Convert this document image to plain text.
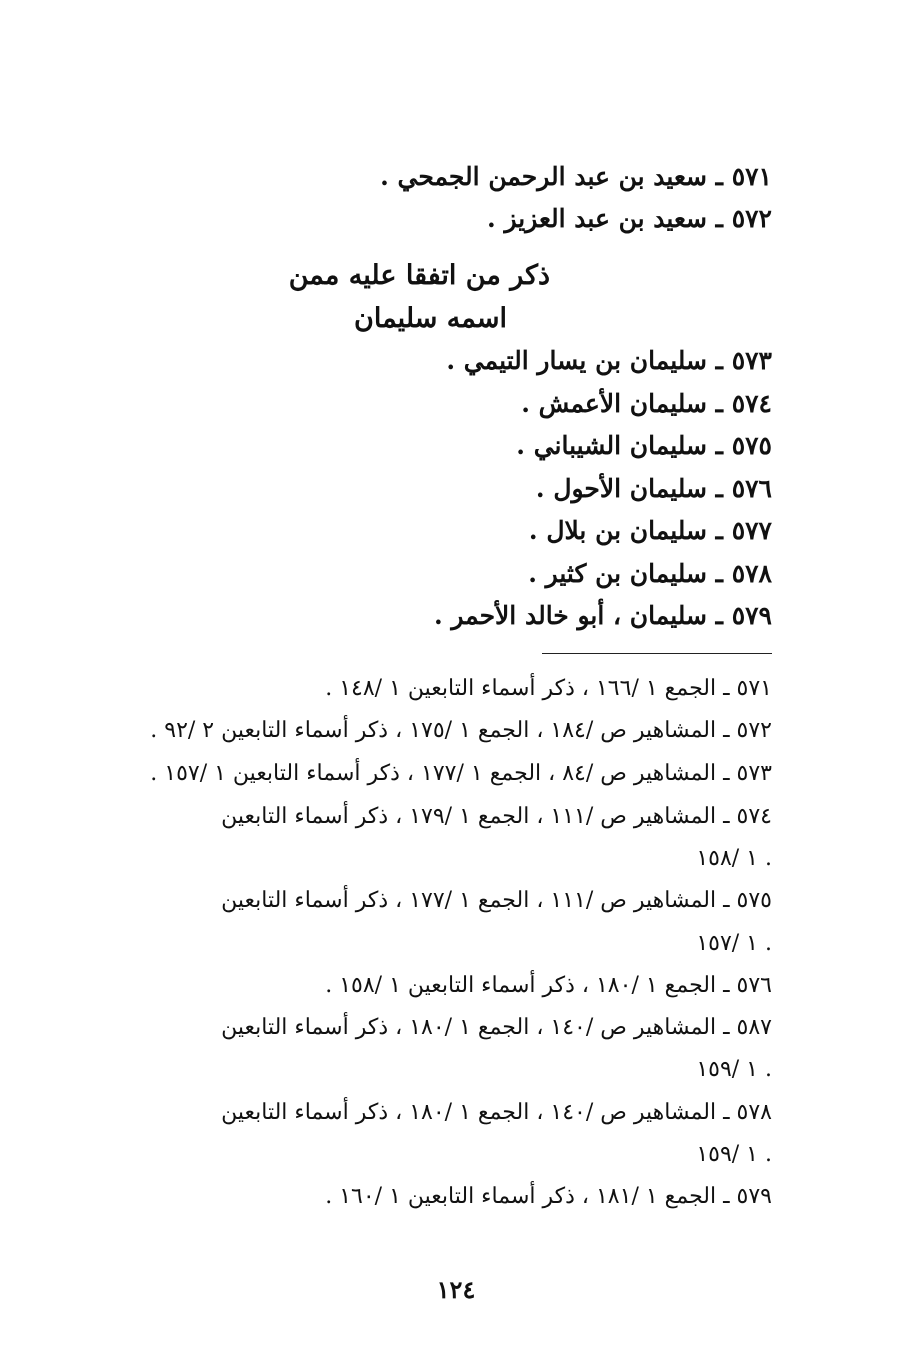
٥٧١ ـ سعيد بن عبد الرحمن الجمحي .
٥٧٢ ـ سعيد بن عبد العزيز .
ذكر من اتفقا عليه ممن
اسمه سليمان
٥٧٣ ـ سليمان بن يسار التيمي .
٥٧٤ ـ سليمان الأعمش .
٥٧٥ ـ سليمان الشيباني .
٥٧٦ ـ سليمان الأحول .
٥٧٧ ـ سليمان بن بلال .
٥٧٨ ـ سليمان بن كثير .
٥٧٩ ـ سليمان ، أبو خالد الأحمر .
٥٧١ ـ الجمع ١ /١٦٦ ، ذكر أسماء التابعين ١ /١٤٨ .
٥٧٢ ـ المشاهير ص /١٨٤ ، الجمع ١ /١٧٥ ، ذكر أسماء التابعين ٢ /٩٢ .
٥٧٣ ـ المشاهير ص /٨٤ ، الجمع ١ /١٧٧ ، ذكر أسماء التابعين ١ /١٥٧ .
٥٧٤ ـ المشاهير ص /١١١ ، الجمع ١ /١٧٩ ، ذكر أسماء التابعين
١ /١٥٨ .
٥٧٥ ـ المشاهير ص /١١١ ، الجمع ١ /١٧٧ ، ذكر أسماء التابعين
١ /١٥٧ .
٥٧٦ ـ الجمع ١ /١٨٠ ، ذكر أسماء التابعين ١ /١٥٨ .
٥٨٧ ـ المشاهير ص /١٤٠ ، الجمع ١ /١٨٠ ، ذكر أسماء التابعين
١ /١٥٩ .
٥٧٨ ـ المشاهير ص /١٤٠ ، الجمع ١ /١٨٠ ، ذكر أسماء التابعين
١ /١٥٩ .
٥٧٩ ـ الجمع ١ /١٨١ ، ذكر أسماء التابعين ١ /١٦٠ .
١٢٤
